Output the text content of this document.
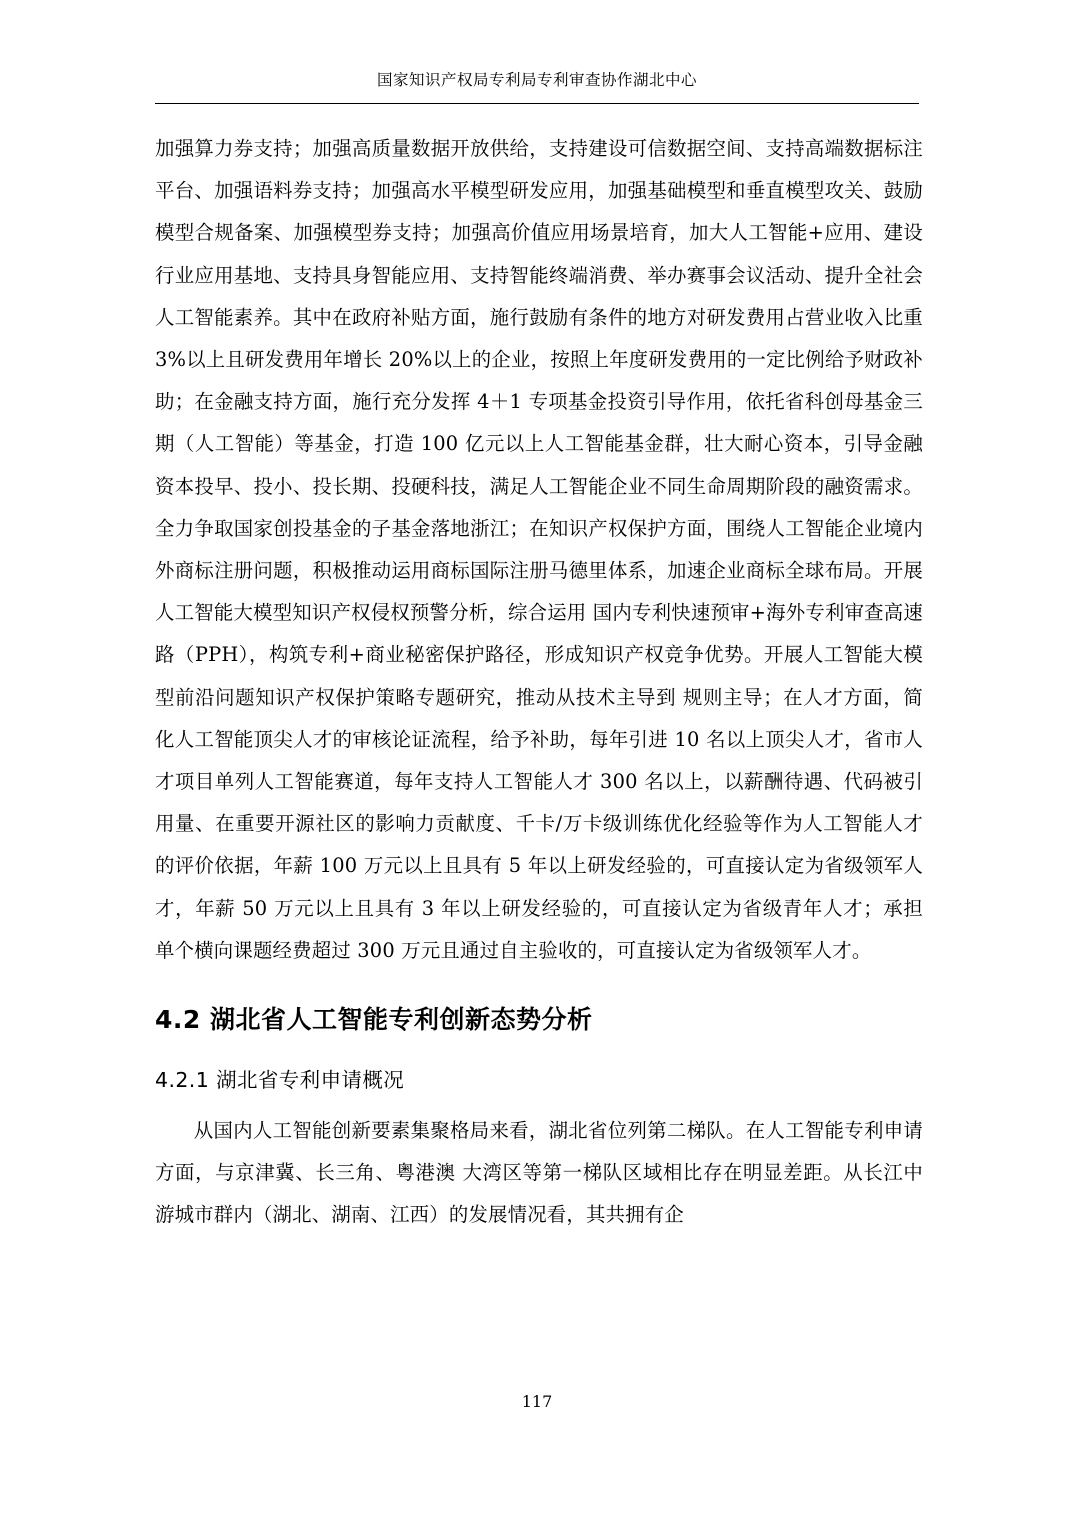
国家知识产权局专利局专利审查协作湖北中心

加强算力券支持；加强高质量数据开放供给，支持建设可信数据空间、支持高端数据标注平台、加强语料券支持；加强高水平模型研发应用，加强基础模型和垂直模型攻关、鼓励模型合规备案、加强模型券支持；加强高价值应用场景培育，加大人工智能+应用、建设行业应用基地、支持具身智能应用、支持智能终端消费、举办赛事会议活动、提升全社会人工智能素养。其中在政府补贴方面，施行鼓励有条件的地方对研发费用占营业收入比重 3%以上且研发费用年增长 20%以上的企业，按照上年度研发费用的一定比例给予财政补助；在金融支持方面，施行充分发挥 4＋1 专项基金投资引导作用，依托省科创母基金三期（人工智能）等基金，打造 100 亿元以上人工智能基金群，壮大耐心资本，引导金融资本投早、投小、投长期、投硬科技，满足人工智能企业不同生命周期阶段的融资需求。全力争取国家创投基金的子基金落地浙江；在知识产权保护方面，围绕人工智能企业境内外商标注册问题，积极推动运用商标国际注册马德里体系，加速企业商标全球布局。开展人工智能大模型知识产权侵权预警分析，综合运用 国内专利快速预审+海外专利审查高速路（PPH），构筑专利+商业秘密保护路径，形成知识产权竞争优势。开展人工智能大模型前沿问题知识产权保护策略专题研究，推动从技术主导到 规则主导；在人才方面，简化人工智能顶尖人才的审核论证流程，给予补助，每年引进 10 名以上顶尖人才，省市人才项目单列人工智能赛道，每年支持人工智能人才 300 名以上，以薪酬待遇、代码被引用量、在重要开源社区的影响力贡献度、千卡/万卡级训练优化经验等作为人工智能人才的评价依据，年薪 100 万元以上且具有 5 年以上研发经验的，可直接认定为省级领军人才，年薪 50 万元以上且具有 3 年以上研发经验的，可直接认定为省级青年人才；承担单个横向课题经费超过 300 万元且通过自主验收的，可直接认定为省级领军人才。

4.2 湖北省人工智能专利创新态势分析
4.2.1 湖北省专利申请概况

从国内人工智能创新要素集聚格局来看，湖北省位列第二梯队。在人工智能专利申请方面，与京津冀、长三角、粤港澳 大湾区等第一梯队区域相比存在明显差距。从长江中游城市群内（湖北、湖南、江西）的发展情况看，其共拥有企

117
